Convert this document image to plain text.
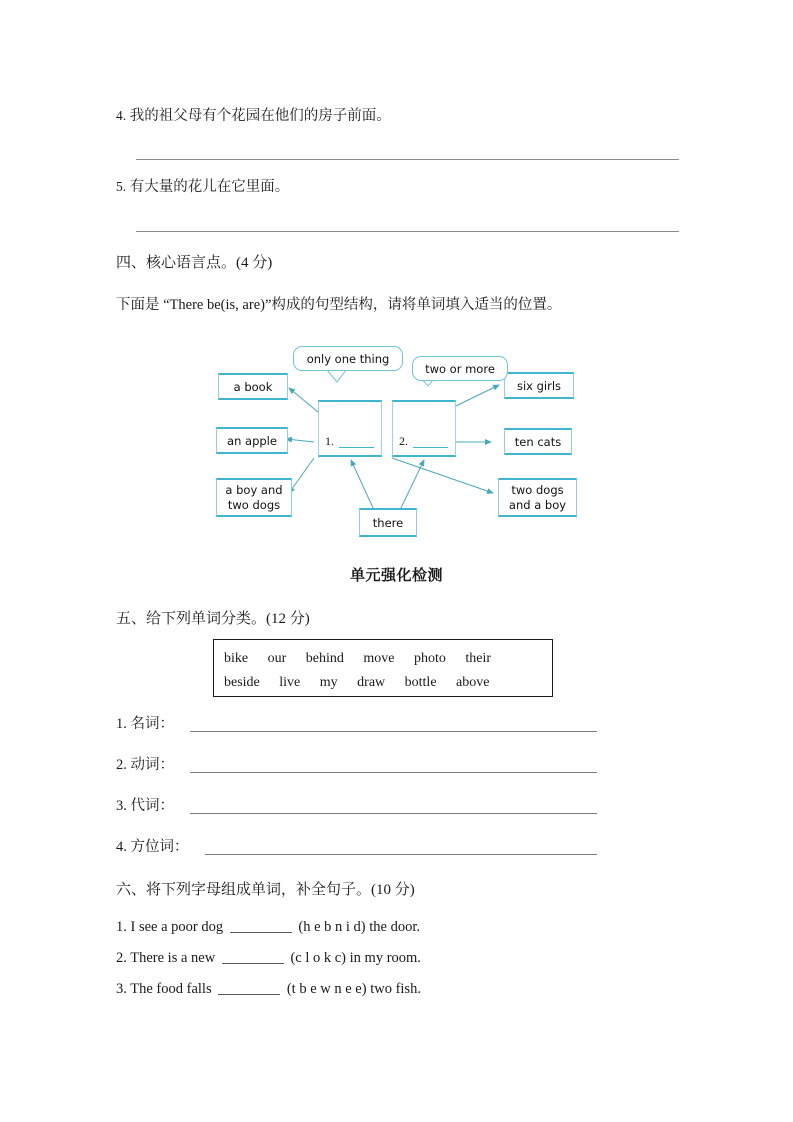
4. 我的祖父母有个花园在他们的房子前面。
5. 有大量的花儿在它里面。
四、核心语言点。(4 分)
下面是 “There be(is, are)”构成的句型结构，请将单词填入适当的位置。
only one thing
two or more
a book
an apple
a boy and
two dogs
1.	2.
six girls
ten cats
two dogs
and a boy
there
单元强化检测
五、给下列单词分类。(12 分)
bike our behind move photo their
beside live my draw bottle above
1. 名词：
2. 动词：
3. 代词：
4. 方位词：
六、将下列字母组成单词，补全句子。(10 分)
1. I see a poor dog	(h e b n i d) the door.
2. There is a new	(c l o k c) in my room.
3. The food falls	(t b e w n e e) two fish.
